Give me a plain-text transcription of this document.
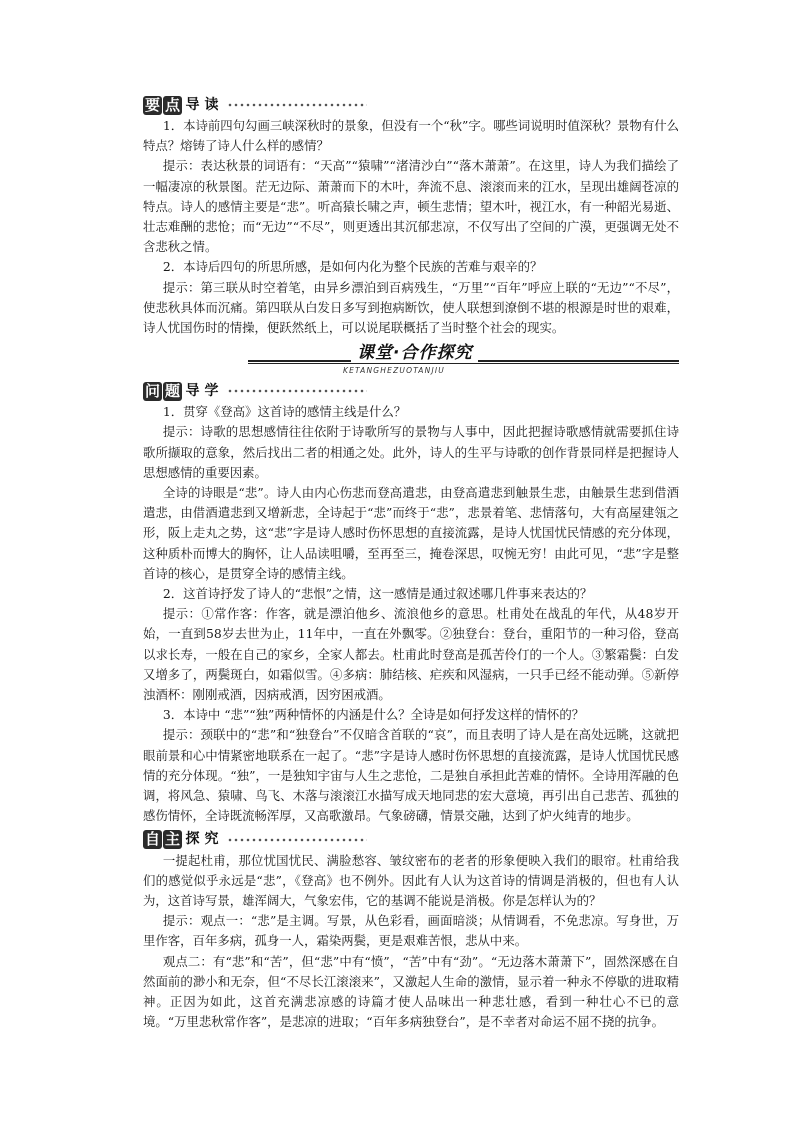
要 点 导 读

1．本诗前四句勾画三峡深秋时的景象，但没有一个“秋”字。哪些词说明时值深秋？景物有什么特点？熔铸了诗人什么样的感情？

提示：表达秋景的词语有：“天高”“猿啸”“渚清沙白”“落木萧萧”。在这里，诗人为我们描绘了一幅凄凉的秋景图。茫无边际、萧萧而下的木叶，奔流不息、滚滚而来的江水，呈现出雄阔苍凉的特点。诗人的感情主要是“悲”。听高猿长啸之声，顿生悲情；望木叶，视江水，有一种韶光易逝、壮志难酬的悲怆；而“无边”“不尽”，则更透出其沉郁悲凉，不仅写出了空间的广漠，更强调无处不含悲秋之情。

2．本诗后四句的所思所感，是如何内化为整个民族的苦难与艰辛的？

提示：第三联从时空着笔，由异乡漂泊到百病残生，“万里”“百年”呼应上联的“无边”“不尽”，使悲秋具体而沉痛。第四联从白发日多写到抱病断饮，使人联想到潦倒不堪的根源是时世的艰难，诗人忧国伤时的情操，便跃然纸上，可以说尾联概括了当时整个社会的现实。

课堂·合作探究
KETANGHEZUOTANJIU
问 题 导 学

1．贯穿《登高》这首诗的感情主线是什么？

提示：诗歌的思想感情往往依附于诗歌所写的景物与人事中，因此把握诗歌感情就需要抓住诗歌所撷取的意象，然后找出二者的相通之处。此外，诗人的生平与诗歌的创作背景同样是把握诗人思想感情的重要因素。

全诗的诗眼是“悲”。诗人由内心伤悲而登高遣悲，由登高遣悲到触景生悲，由触景生悲到借酒遣悲，由借酒遣悲到又增新悲，全诗起于“悲”而终于“悲”，悲景着笔、悲情落句，大有高屋建瓴之形，阪上走丸之势，这“悲”字是诗人感时伤怀思想的直接流露，是诗人忧国忧民情感的充分体现，这种质朴而博大的胸怀，让人品读咀嚼，至再至三，掩卷深思，叹惋无穷！由此可见，“悲”字是整首诗的核心，是贯穿全诗的感情主线。

2．这首诗抒发了诗人的“悲恨”之情，这一感情是通过叙述哪几件事来表达的？

提示：①常作客：作客，就是漂泊他乡、流浪他乡的意思。杜甫处在战乱的年代，从48岁开始，一直到58岁去世为止，11年中，一直在外飘零。②独登台：登台，重阳节的一种习俗，登高以求长寿，一般在自己的家乡，全家人都去。杜甫此时登高是孤苦伶仃的一个人。③繁霜鬓：白发又增多了，两鬓斑白，如霜似雪。④多病：肺结核、疟疾和风湿病，一只手已经不能动弹。⑤新停浊酒杯：刚刚戒酒，因病戒酒，因穷困戒酒。

3．本诗中 “悲”“独”两种情怀的内涵是什么？全诗是如何抒发这样的情怀的？

提示：颈联中的“悲”和“独登台”不仅暗含首联的“哀”，而且表明了诗人是在高处远眺，这就把眼前景和心中情紧密地联系在一起了。“悲”字是诗人感时伤怀思想的直接流露，是诗人忧国忧民感情的充分体现。“独”，一是独知宇宙与人生之悲怆，二是独自承担此苦难的情怀。全诗用浑融的色调，将风急、猿啸、鸟飞、木落与滚滚江水描写成天地同悲的宏大意境，再引出自己悲苦、孤独的感伤情怀，全诗既流畅浑厚，又高歌激昂。气象磅礴，情景交融，达到了炉火纯青的地步。

自 主 探 究

一提起杜甫，那位忧国忧民、满脸愁容、皱纹密布的老者的形象便映入我们的眼帘。杜甫给我们的感觉似乎永远是“悲”，《登高》也不例外。因此有人认为这首诗的情调是消极的，但也有人认为，这首诗写景，雄浑阔大，气象宏伟，它的基调不能说是消极。你是怎样认为的？

提示：观点一：“悲”是主调。写景，从色彩看，画面暗淡；从情调看，不免悲凉。写身世，万里作客，百年多病，孤身一人，霜染两鬓，更是艰难苦恨，悲从中来。

观点二：有“悲”和“苦”，但“悲”中有“愤”，“苦”中有“劲”。“无边落木萧萧下”，固然深感在自然面前的渺小和无奈，但“不尽长江滚滚来”，又激起人生命的激情，显示着一种永不停歇的进取精神。正因为如此，这首充满悲凉感的诗篇才使人品味出一种悲壮感，看到一种壮心不已的意境。“万里悲秋常作客”，是悲凉的进取；“百年多病独登台”，是不幸者对命运不屈不挠的抗争。
